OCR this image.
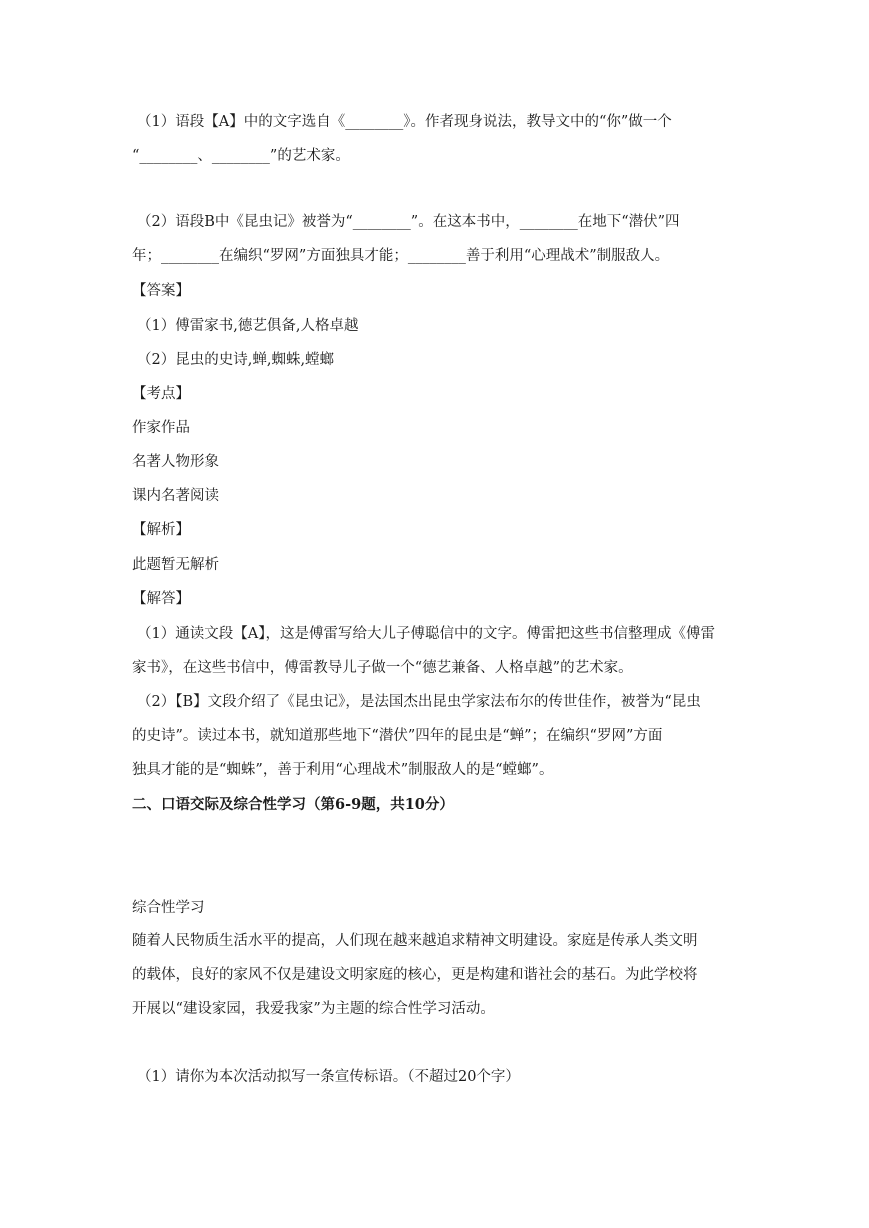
（1）语段【A】中的文字选自《________》。作者现身说法，教导文中的“你”做一个
“________、________”的艺术家。
（2）语段B中《昆虫记》被誉为“________”。在这本书中，________在地下“潜伏”四
年；________在编织“罗网”方面独具才能；________善于利用“心理战术”制服敌人。
【答案】
（1）傅雷家书,德艺俱备,人格卓越
（2）昆虫的史诗,蝉,蜘蛛,螳螂
【考点】
作家作品
名著人物形象
课内名著阅读
【解析】
此题暂无解析
【解答】
（1）通读文段【A】，这是傅雷写给大儿子傅聪信中的文字。傅雷把这些书信整理成《傅雷
家书》，在这些书信中，傅雷教导儿子做一个“德艺兼备、人格卓越”的艺术家。
（2）【B】文段介绍了《昆虫记》，是法国杰出昆虫学家法布尔的传世佳作，被誉为“昆虫
的史诗”。读过本书，就知道那些地下“潜伏”四年的昆虫是“蝉”；在编织“罗网”方面
独具才能的是“蜘蛛”，善于利用“心理战术”制服敌人的是“螳螂”。
二、口语交际及综合性学习（第6-9题，共10分）
综合性学习
随着人民物质生活水平的提高，人们现在越来越追求精神文明建设。家庭是传承人类文明
的载体，良好的家风不仅是建设文明家庭的核心，更是构建和谐社会的基石。为此学校将
开展以“建设家园，我爱我家”为主题的综合性学习活动。
（1）请你为本次活动拟写一条宣传标语。（不超过20个字）
